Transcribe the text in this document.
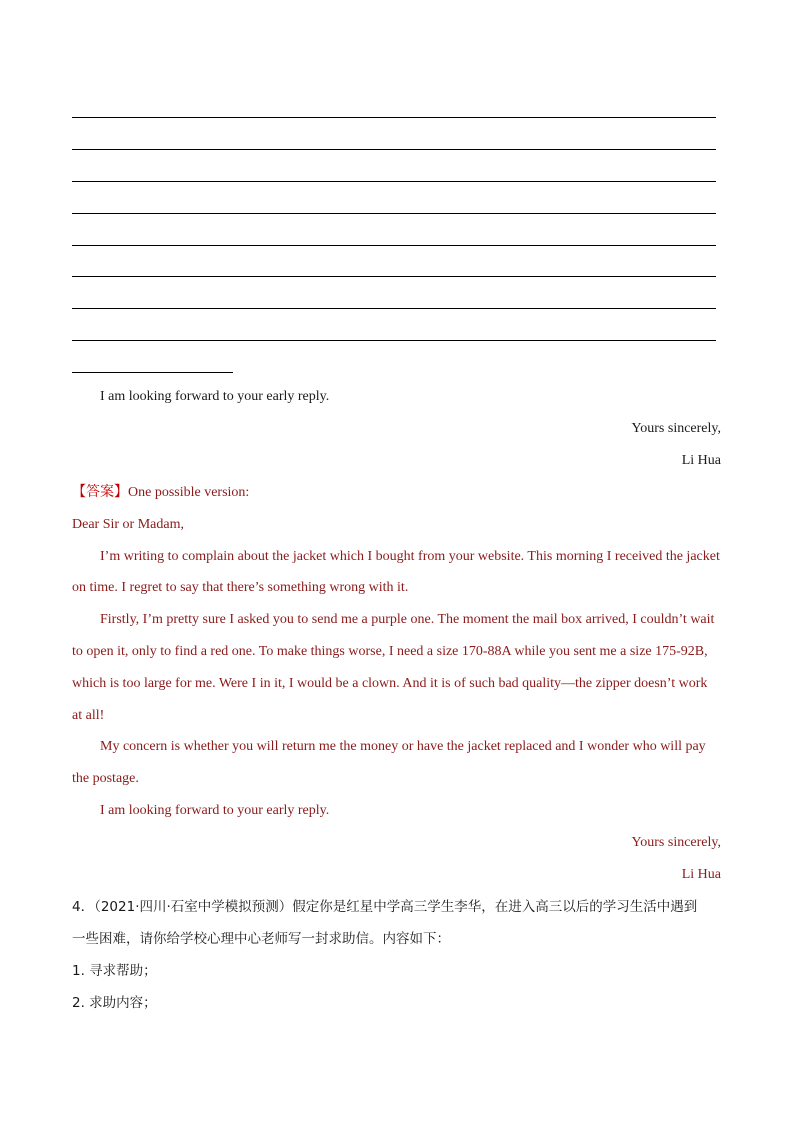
I am looking forward to your early reply.
Yours sincerely,
Li Hua
【答案】One possible version:
Dear Sir or Madam,
I’m writing to complain about the jacket which I bought from your website. This morning I received the jacket
on time. I regret to say that there’s something wrong with it.
Firstly, I’m pretty sure I asked you to send me a purple one. The moment the mail box arrived, I couldn’t wait
to open it, only to find a red one. To make things worse, I need a size 170-88A while you sent me a size 175-92B,
which is too large for me. Were I in it, I would be a clown. And it is of such bad quality—the zipper doesn’t work
at all!
My concern is whether you will return me the money or have the jacket replaced and I wonder who will pay
the postage.
I am looking forward to your early reply.
Yours sincerely,
Li Hua
4．（2021·四川·石室中学模拟预测）假定你是红星中学高三学生李华，在进入高三以后的学习生活中遇到
一些困难，请你给学校心理中心老师写一封求助信。内容如下：
1. 寻求帮助；
2. 求助内容；
